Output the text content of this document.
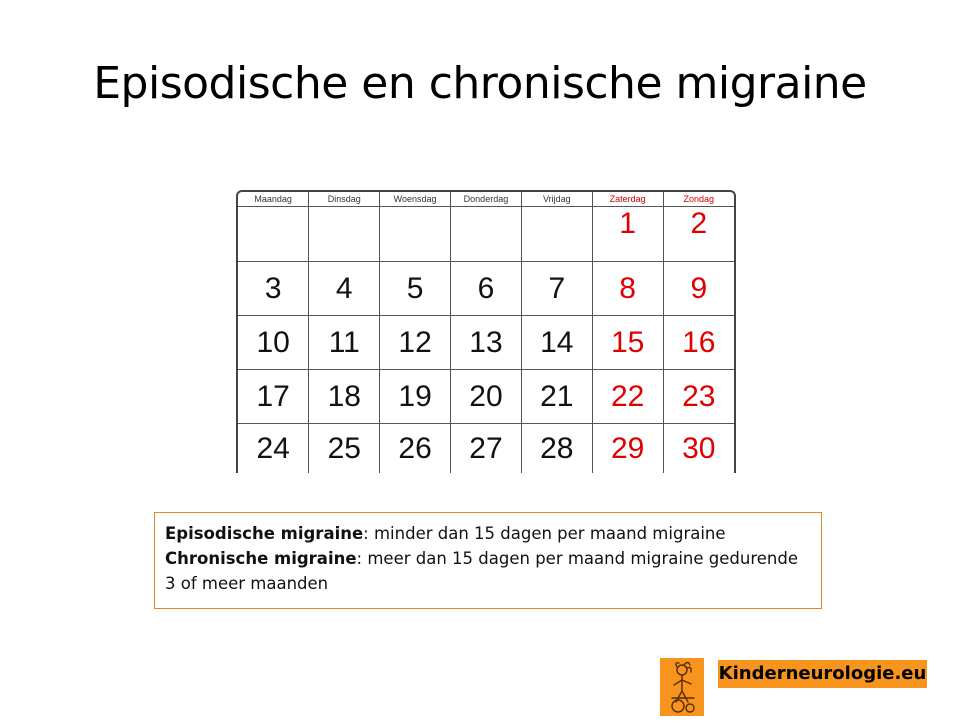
Episodische en chronische migraine
Maandag	Dinsdag	Woensdag	Donderdag	Vrijdag	Zaterdag	Zondag
					1	2
3	4	5	6	7	8	9
10	11	12	13	14	15	16
17	18	19	20	21	22	23
24	25	26	27	28	29	30
Episodische migraine: minder dan 15 dagen per maand migraine
Chronische migraine: meer dan 15 dagen per maand migraine gedurende 3 of meer maanden
Kinderneurologie.eu
